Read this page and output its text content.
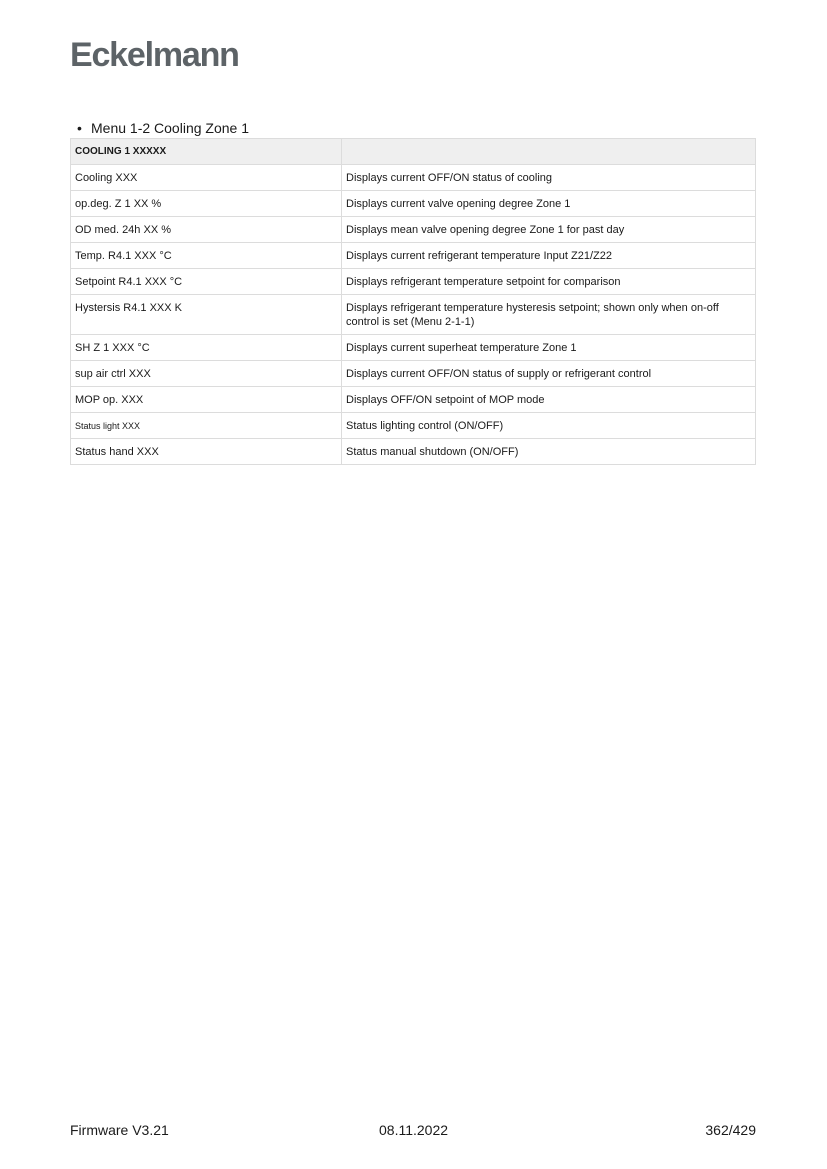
Eckelmann
• Menu 1-2 Cooling Zone 1
COOLING 1 XXXXX	
Cooling XXX	Displays current OFF/ON status of cooling
op.deg. Z 1 XX %	Displays current valve opening degree Zone 1
OD med. 24h XX %	Displays mean valve opening degree Zone 1 for past day
Temp. R4.1 XXX °C	Displays current refrigerant temperature Input Z21/Z22
Setpoint R4.1 XXX °C	Displays refrigerant temperature setpoint for comparison
Hystersis R4.1 XXX K	Displays refrigerant temperature hysteresis setpoint; shown only when on-off control is set (Menu 2-1-1)
SH Z 1 XXX °C	Displays current superheat temperature Zone 1
sup air ctrl XXX	Displays current OFF/ON status of supply or refrigerant control
MOP op. XXX	Displays OFF/ON setpoint of MOP mode
Status light XXX	Status lighting control (ON/OFF)
Status hand XXX	Status manual shutdown (ON/OFF)
Firmware V3.21	08.11.2022	362/429
